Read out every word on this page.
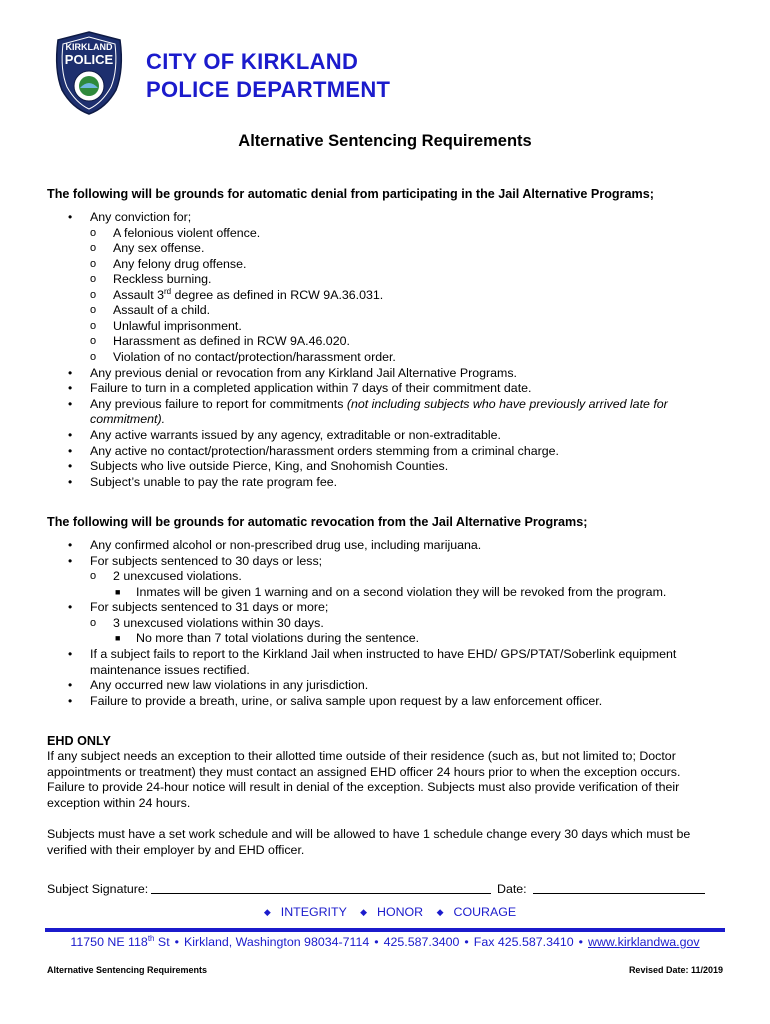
KIRKLAND
POLICE CITY OF KIRKLAND
POLICE DEPARTMENT
Alternative Sentencing Requirements
The following will be grounds for automatic denial from participating in the Jail Alternative Programs;
• Any conviction for;
o A felonious violent offence.
o Any sex offense.
o Any felony drug offense.
o Reckless burning.
o Assault 3rd degree as defined in RCW 9A.36.031.
o Assault of a child.
o Unlawful imprisonment.
o Harassment as defined in RCW 9A.46.020.
o Violation of no contact/protection/harassment order.
• Any previous denial or revocation from any Kirkland Jail Alternative Programs.
• Failure to turn in a completed application within 7 days of their commitment date.
• Any previous failure to report for commitments (not including subjects who have previously arrived late for
commitment).
• Any active warrants issued by any agency, extraditable or non-extraditable.
• Any active no contact/protection/harassment orders stemming from a criminal charge.
• Subjects who live outside Pierce, King, and Snohomish Counties.
• Subject’s unable to pay the rate program fee.
The following will be grounds for automatic revocation from the Jail Alternative Programs;
• Any confirmed alcohol or non-prescribed drug use, including marijuana.
• For subjects sentenced to 30 days or less;
o 2 unexcused violations.
■ Inmates will be given 1 warning and on a second violation they will be revoked from the program.
• For subjects sentenced to 31 days or more;
o 3 unexcused violations within 30 days.
■ No more than 7 total violations during the sentence.
• If a subject fails to report to the Kirkland Jail when instructed to have EHD/ GPS/PTAT/Soberlink equipment
maintenance issues rectified.
• Any occurred new law violations in any jurisdiction.
• Failure to provide a breath, urine, or saliva sample upon request by a law enforcement officer.
EHD ONLY
If any subject needs an exception to their allotted time outside of their residence (such as, but not limited to; Doctor appointments or treatment) they must contact an assigned EHD officer 24 hours prior to when the exception occurs. Failure to provide 24-hour notice will result in denial of the exception. Subjects must also provide verification of their exception within 24 hours.
Subjects must have a set work schedule and will be allowed to have 1 schedule change every 30 days which must be verified with their employer by and EHD officer.
Subject Signature:	Date:
◆ INTEGRITY ◆ HONOR ◆ COURAGE
11750 NE 118th St • Kirkland, Washington 98034-7114 • 425.587.3400 • Fax 425.587.3410 • www.kirklandwa.gov
Alternative Sentencing Requirements	Revised Date: 11/2019
